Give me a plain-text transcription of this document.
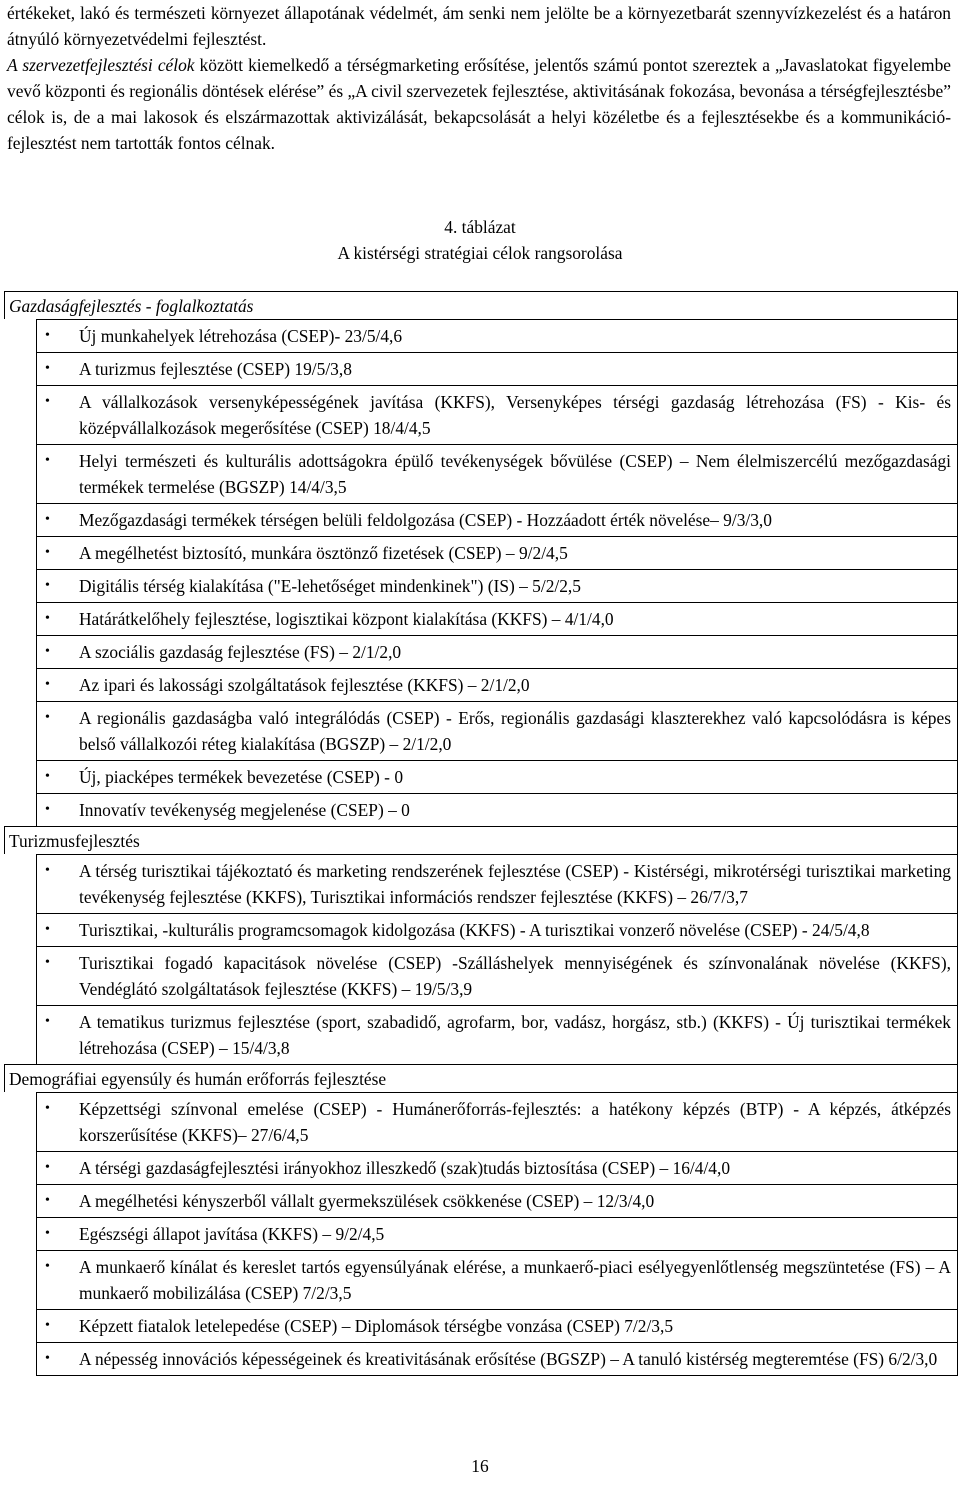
értékeket, lakó és természeti környezet állapotának védelmét, ám senki nem jelölte be a környezetbarát szennyvízkezelést és a határon átnyúló környezetvédelmi fejlesztést.

A szervezetfejlesztési célok között kiemelkedő a térségmarketing erősítése, jelentős számú pontot szereztek a „Javaslatokat figyelembe vevő központi és regionális döntések elérése” és „A civil szervezetek fejlesztése, aktivitásának fokozása, bevonása a térségfejlesztésbe” célok is, de a mai lakosok és elszármazottak aktivizálását, bekapcsolását a helyi közéletbe és a fejlesztésekbe és a kommunikáció-fejlesztést nem tartották fontos célnak.

4. táblázat
A kistérségi stratégiai célok rangsorolása
Gazdaságfejlesztés - foglalkoztatás
• Új munkahelyek létrehozása (CSEP)- 23/5/4,6
• A turizmus fejlesztése (CSEP) 19/5/3,8
• A vállalkozások versenyképességének javítása (KKFS), Versenyképes térségi gazdaság létrehozása (FS) - Kis- és középvállalkozások megerősítése (CSEP) 18/4/4,5
• Helyi természeti és kulturális adottságokra épülő tevékenységek bővülése (CSEP) – Nem élelmiszercélú mezőgazdasági termékek termelése (BGSZP) 14/4/3,5
• Mezőgazdasági termékek térségen belüli feldolgozása (CSEP) - Hozzáadott érték növelése– 9/3/3,0
• A megélhetést biztosító, munkára ösztönző fizetések (CSEP) – 9/2/4,5
• Digitális térség kialakítása ("E-lehetőséget mindenkinek") (IS) – 5/2/2,5
• Határátkelőhely fejlesztése, logisztikai központ kialakítása (KKFS) – 4/1/4,0
• A szociális gazdaság fejlesztése (FS) – 2/1/2,0
• Az ipari és lakossági szolgáltatások fejlesztése (KKFS) – 2/1/2,0
• A regionális gazdaságba való integrálódás (CSEP) - Erős, regionális gazdasági klaszterekhez való kapcsolódásra is képes belső vállalkozói réteg kialakítása (BGSZP) – 2/1/2,0
• Új, piacképes termékek bevezetése (CSEP) - 0
• Innovatív tevékenység megjelenése (CSEP) – 0
Turizmusfejlesztés
• A térség turisztikai tájékoztató és marketing rendszerének fejlesztése (CSEP) - Kistérségi, mikrotérségi turisztikai marketing tevékenység fejlesztése (KKFS), Turisztikai információs rendszer fejlesztése (KKFS) – 26/7/3,7
• Turisztikai, -kulturális programcsomagok kidolgozása (KKFS) - A turisztikai vonzerő növelése (CSEP) - 24/5/4,8
• Turisztikai fogadó kapacitások növelése (CSEP) -Szálláshelyek mennyiségének és színvonalának növelése (KKFS), Vendéglátó szolgáltatások fejlesztése (KKFS) – 19/5/3,9
• A tematikus turizmus fejlesztése (sport, szabadidő, agrofarm, bor, vadász, horgász, stb.) (KKFS) - Új turisztikai termékek létrehozása (CSEP) – 15/4/3,8
Demográfiai egyensúly és humán erőforrás fejlesztése
• Képzettségi színvonal emelése (CSEP) - Humánerőforrás-fejlesztés: a hatékony képzés (BTP) - A képzés, átképzés korszerűsítése (KKFS)– 27/6/4,5
• A térségi gazdaságfejlesztési irányokhoz illeszkedő (szak)tudás biztosítása (CSEP) – 16/4/4,0
• A megélhetési kényszerből vállalt gyermekszülések csökkenése (CSEP) – 12/3/4,0
• Egészségi állapot javítása (KKFS) – 9/2/4,5
• A munkaerő kínálat és kereslet tartós egyensúlyának elérése, a munkaerő-piaci esélyegyenlőtlenség megszüntetése (FS) – A munkaerő mobilizálása (CSEP) 7/2/3,5
• Képzett fiatalok letelepedése (CSEP) – Diplomások térségbe vonzása (CSEP) 7/2/3,5
• A népesség innovációs képességeinek és kreativitásának erősítése (BGSZP) – A tanuló kistérség megteremtése (FS) 6/2/3,0
16
